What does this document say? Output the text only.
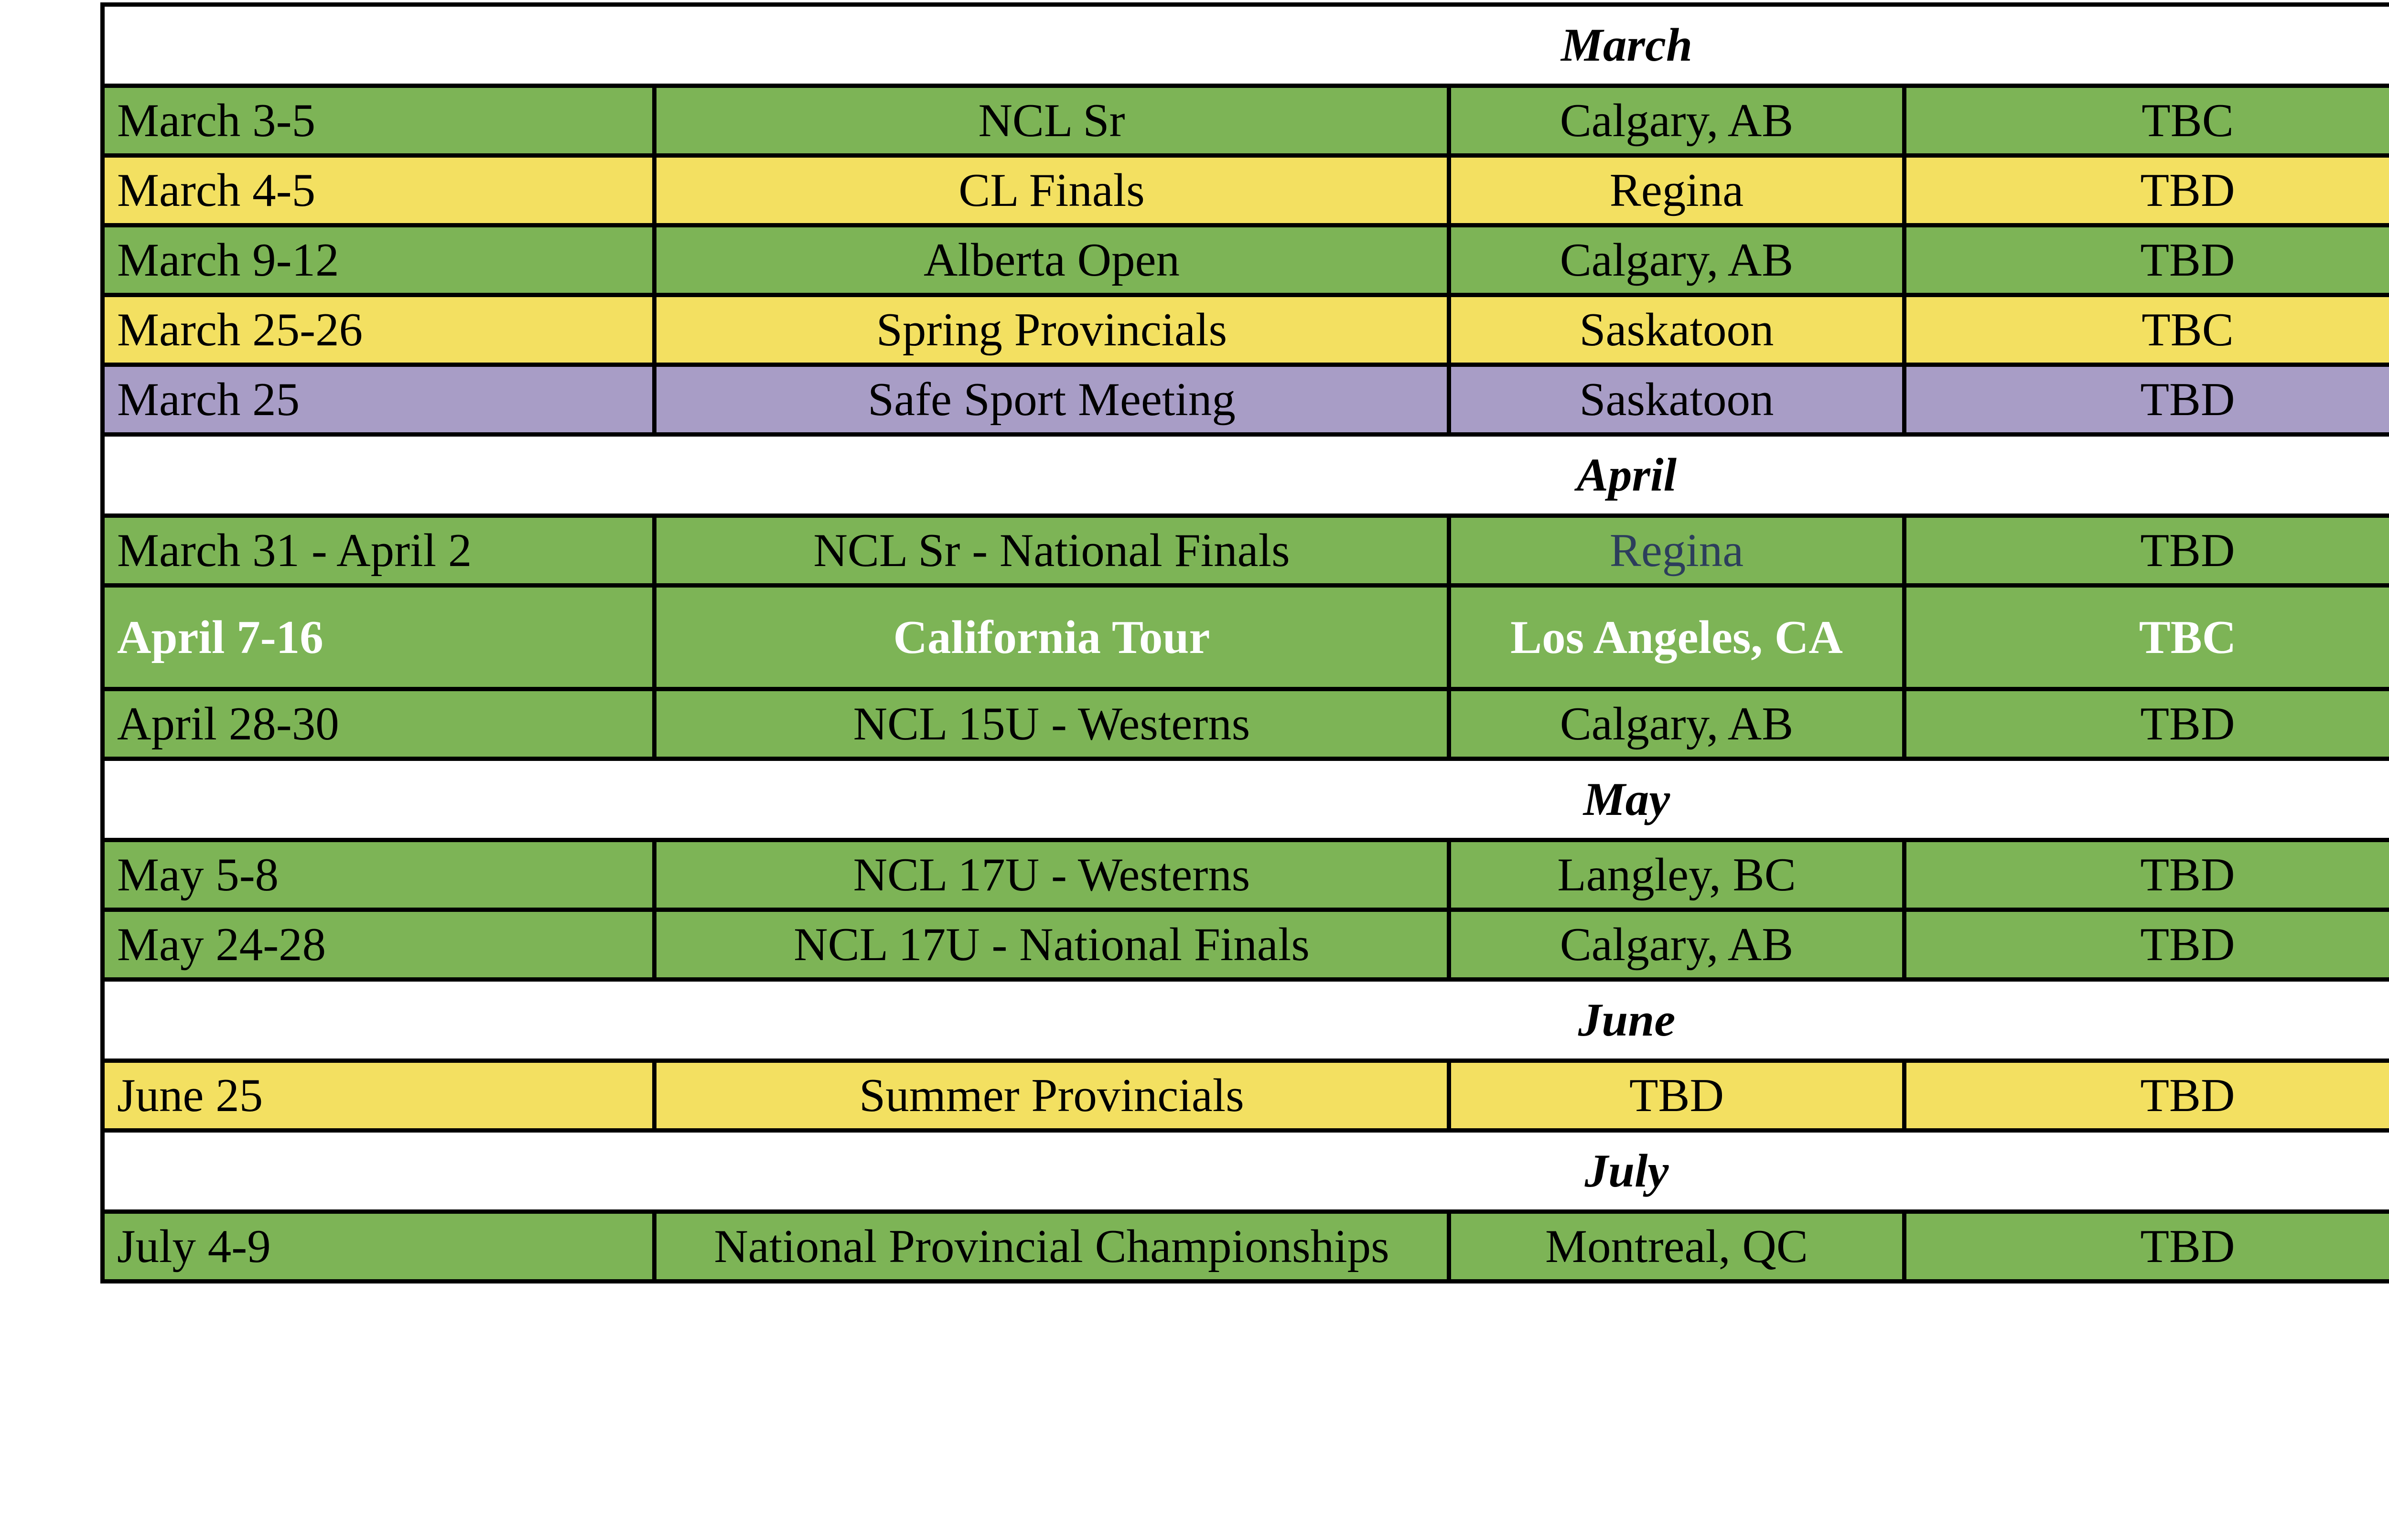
March				
March 3-5	NCL Sr	Calgary, AB	TBC	
March 4-5	CL Finals	Regina	TBD	
March 9-12	Alberta Open	Calgary, AB	TBD	
March 25-26	Spring Provincials	Saskatoon	TBC	
March 25	Safe Sport Meeting	Saskatoon	TBD	
April				
March 31 - April 2	NCL Sr - National Finals	Regina	TBD	
April 7-16	California Tour	Los Angeles, CA	TBC	
April 28-30	NCL 15U - Westerns	Calgary, AB	TBD	
May				
May 5-8	NCL 17U - Westerns	Langley, BC	TBD	
May 24-28	NCL 17U - National Finals	Calgary, AB	TBD	
June				
June 25	Summer Provincials	TBD	TBD	
July				
July 4-9	National Provincial Championships	Montreal, QC	TBD	
